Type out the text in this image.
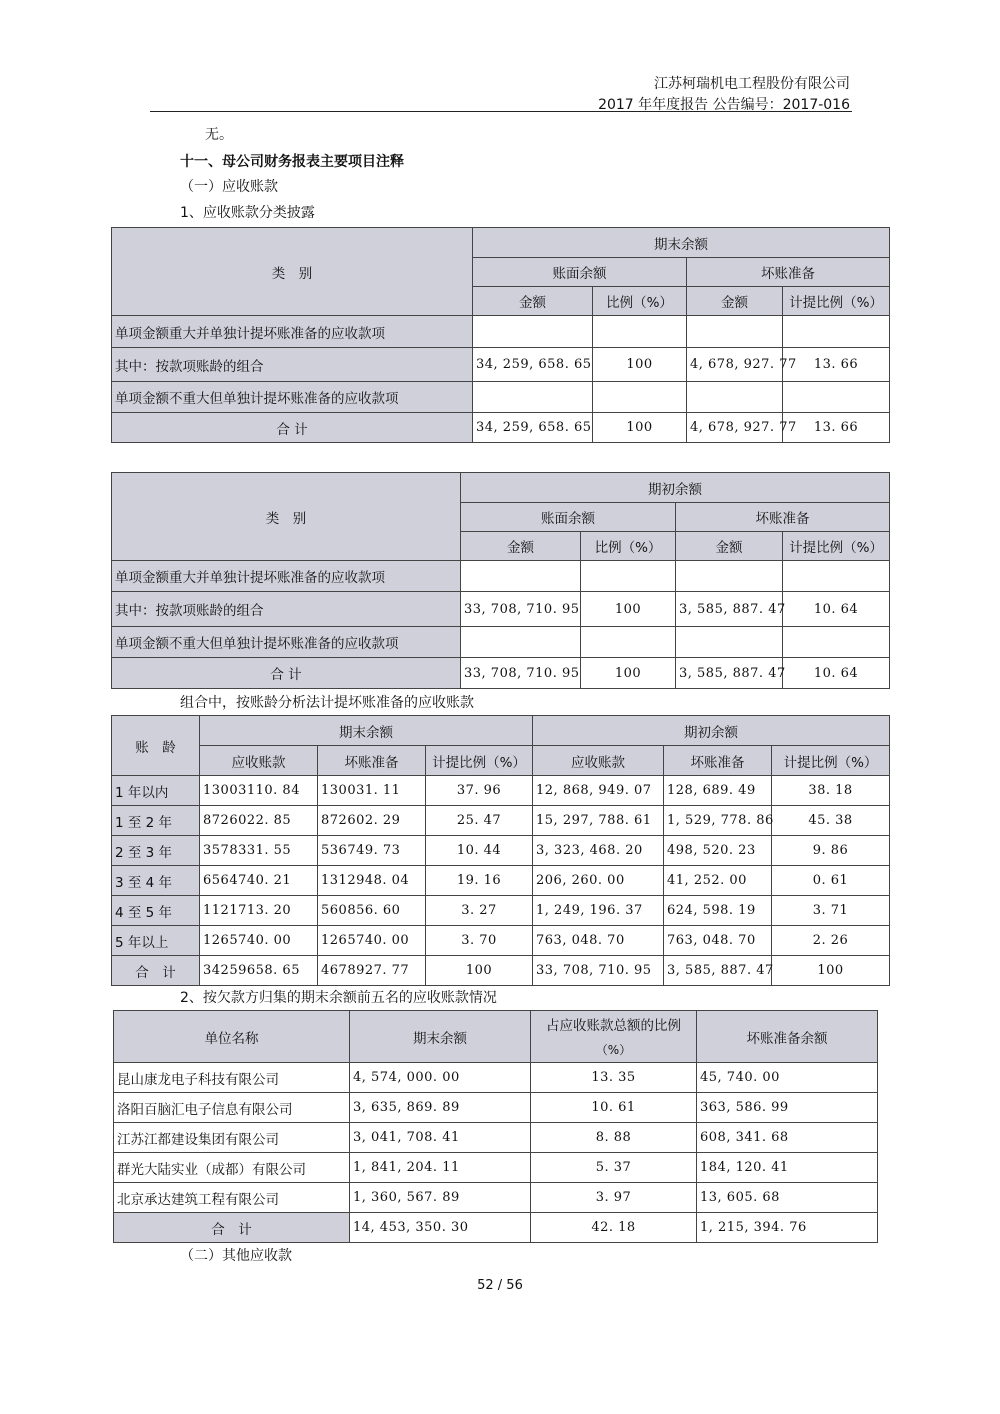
江苏柯瑞机电工程股份有限公司
2017 年年度报告 公告编号：2017-016
无。
十一、母公司财务报表主要项目注释
（一）应收账款
1、应收账款分类披露
类　别	期末余额			
	账面余额		坏账准备	
	金额	比例（%）	金额	计提比例（%）
单项金额重大并单独计提坏账准备的应收款项				
其中：按款项账龄的组合	34, 259, 658. 65	100	4, 678, 927. 77	13. 66
单项金额不重大但单独计提坏账准备的应收款项				
合 计	34, 259, 658. 65	100	4, 678, 927. 77	13. 66
类　别	期初余额			
	账面余额		坏账准备	
	金额	比例（%）	金额	计提比例（%）
单项金额重大并单独计提坏账准备的应收款项				
其中：按款项账龄的组合	33, 708, 710. 95	100	3, 585, 887. 47	10. 64
单项金额不重大但单独计提坏账准备的应收款项				
合 计	33, 708, 710. 95	100	3, 585, 887. 47	10. 64
组合中，按账龄分析法计提坏账准备的应收账款
账　龄	期末余额			期初余额		
	应收账款	坏账准备	计提比例（%）	应收账款	坏账准备	计提比例（%）
1 年以内	13003110. 84	130031. 11	37. 96	12, 868, 949. 07	128, 689. 49	38. 18
1 至 2 年	8726022. 85	872602. 29	25. 47	15, 297, 788. 61	1, 529, 778. 86	45. 38
2 至 3 年	3578331. 55	536749. 73	10. 44	3, 323, 468. 20	498, 520. 23	9. 86
3 至 4 年	6564740. 21	1312948. 04	19. 16	206, 260. 00	41, 252. 00	0. 61
4 至 5 年	1121713. 20	560856. 60	3. 27	1, 249, 196. 37	624, 598. 19	3. 71
5 年以上	1265740. 00	1265740. 00	3. 70	763, 048. 70	763, 048. 70	2. 26
合　计	34259658. 65	4678927. 77	100	33, 708, 710. 95	3, 585, 887. 47	100
2、按欠款方归集的期末余额前五名的应收账款情况
单位名称	期末余额	占应收账款总额的比例	坏账准备余额
		（%）	
昆山康龙电子科技有限公司	4, 574, 000. 00	13. 35	45, 740. 00
洛阳百脑汇电子信息有限公司	3, 635, 869. 89	10. 61	363, 586. 99
江苏江都建设集团有限公司	3, 041, 708. 41	8. 88	608, 341. 68
群光大陆实业（成都）有限公司	1, 841, 204. 11	5. 37	184, 120. 41
北京承达建筑工程有限公司	1, 360, 567. 89	3. 97	13, 605. 68
合　计	14, 453, 350. 30	42. 18	1, 215, 394. 76
（二）其他应收款
52 / 56
